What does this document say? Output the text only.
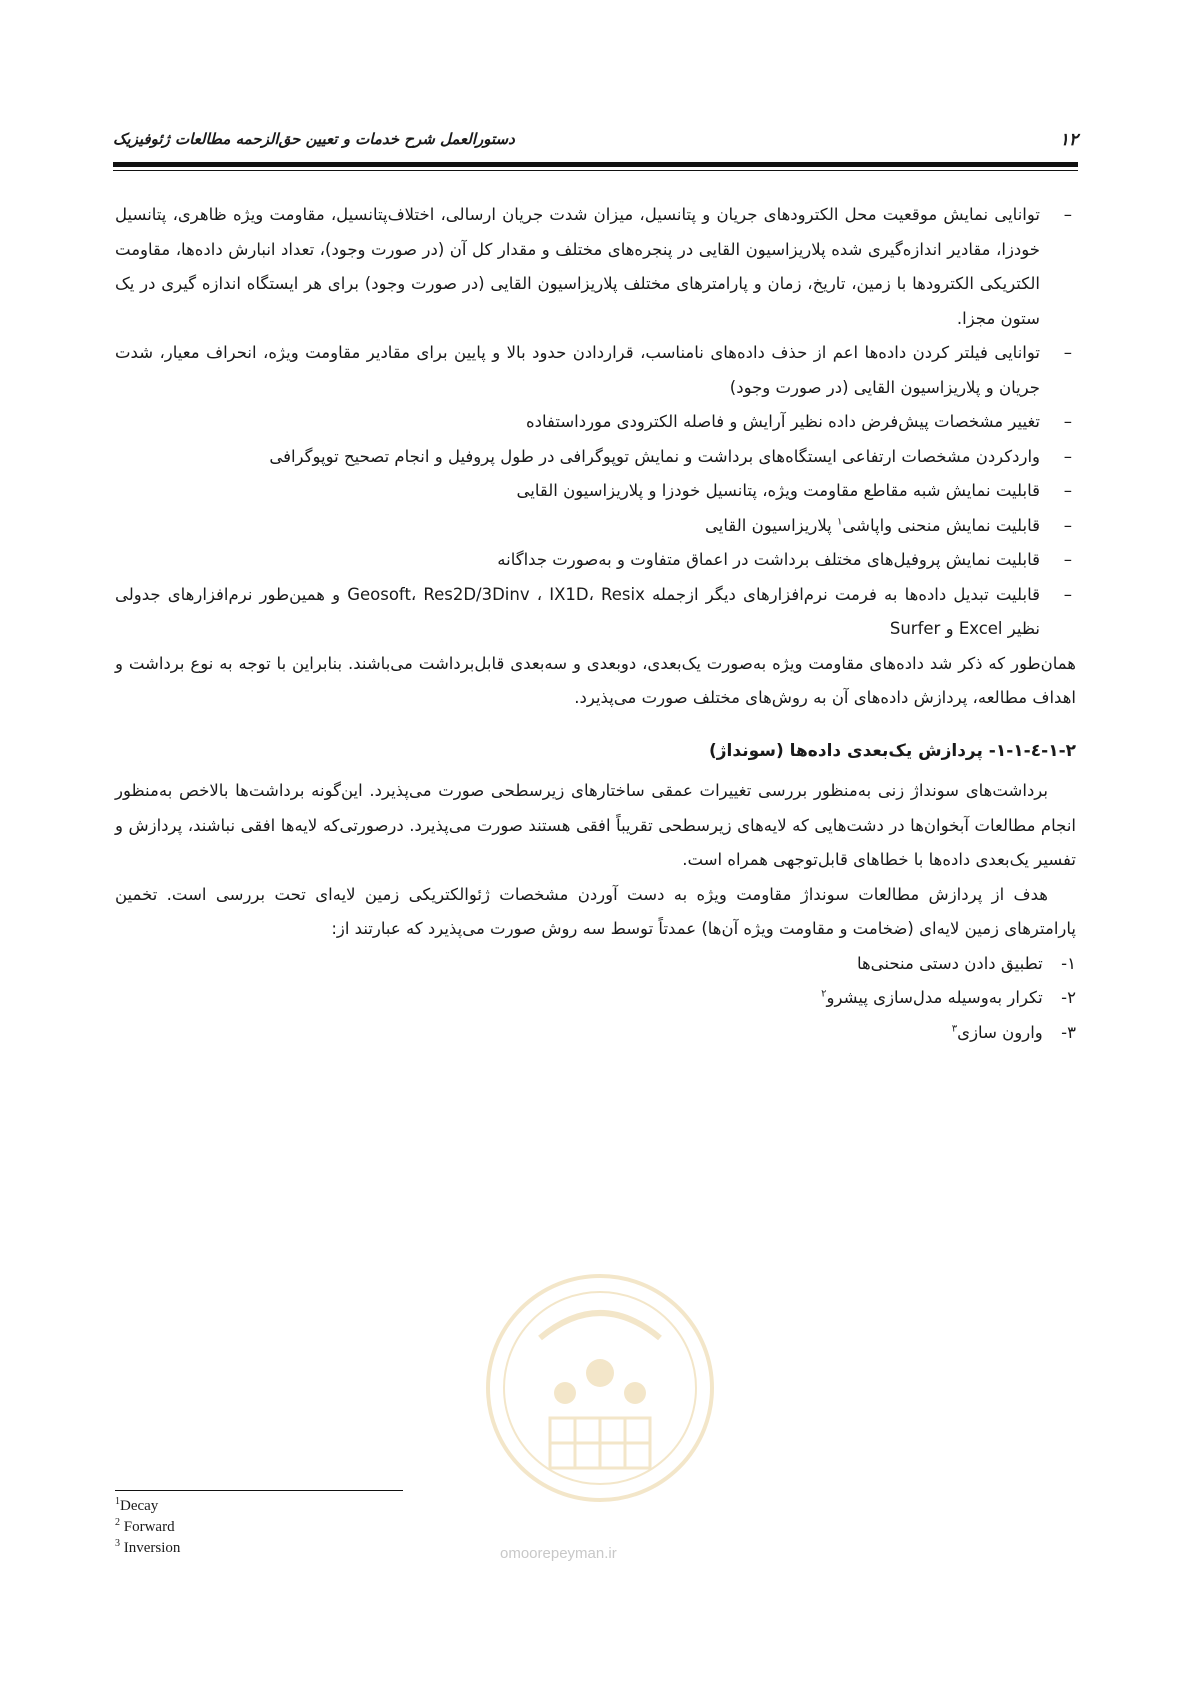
۱۲
دستورالعمل شرح خدمات و تعیین حق‌الزحمه مطالعات ژئوفیزیک
– توانایی نمایش موقعیت محل الکترودهای جریان و پتانسیل، میزان شدت جریان ارسالی، اختلاف‌پتانسیل، مقاومت ویژه ظاهری، پتانسیل خودزا، مقادیر اندازه‌گیری شده پلاریزاسیون القایی در پنجره‌های مختلف و مقدار کل آن (در صورت وجود)، تعداد انبارش داده‌ها، مقاومت الکتریکی الکترودها با زمین، تاریخ، زمان و پارامترهای مختلف پلاریزاسیون القایی (در صورت وجود) برای هر ایستگاه اندازه گیری در یک ستون مجزا.
– توانایی فیلتر کردن داده‌ها اعم از حذف داده‌های نامناسب، قراردادن حدود بالا و پایین برای مقادیر مقاومت ویژه، انحراف معیار، شدت جریان و پلاریزاسیون القایی (در صورت وجود)
– تغییر مشخصات پیش‌فرض داده نظیر آرایش و فاصله الکترودی مورداستفاده
– واردکردن مشخصات ارتفاعی ایستگاه‌های برداشت و نمایش توپوگرافی در طول پروفیل و انجام تصحیح توپوگرافی
– قابلیت نمایش شبه مقاطع مقاومت ویژه، پتانسیل خودزا و پلاریزاسیون القایی
– قابلیت نمایش منحنی واپاشی$^۱$ پلاریزاسیون القایی
– قابلیت نمایش پروفیل‌های مختلف برداشت در اعماق متفاوت و به‌صورت جداگانه
– قابلیت تبدیل داده‌ها به فرمت نرم‌افزارهای دیگر ازجمله Geosoft، Res2D/3Dinv ، IX1D، Resix و همین‌طور نرم‌افزارهای جدولی نظیر Excel و Surfer

همان‌طور که ذکر شد داده‌های مقاومت ویژه به‌صورت یک‌بعدی، دوبعدی و سه‌بعدی قابل‌برداشت می‌باشند. بنابراین با توجه به نوع برداشت و اهداف مطالعه، پردازش داده‌های آن به روش‌های مختلف صورت می‌پذیرد.

۱-۲-٤-۱-۱- پردازش یک‌بعدی داده‌ها (سونداژ)

برداشت‌های سونداژ زنی به‌منظور بررسی تغییرات عمقی ساختارهای زیرسطحی صورت می‌پذیرد. این‌گونه برداشت‌ها بالاخص به‌منظور انجام مطالعات آبخوان‌ها در دشت‌هایی که لایه‌های زیرسطحی تقریباً افقی هستند صورت می‌پذیرد. درصورتی‌که لایه‌ها افقی نباشند، پردازش و تفسیر یک‌بعدی داده‌ها با خطاهای قابل‌توجهی همراه است.

هدف از پردازش مطالعات سونداژ مقاومت ویژه به دست آوردن مشخصات ژئوالکتریکی زمین لایه‌ای تحت بررسی است. تخمین پارامترهای زمین لایه‌ای (ضخامت و مقاومت ویژه آن‌ها) عمدتاً توسط سه روش صورت می‌پذیرد که عبارتند از:

۱- تطبیق دادن دستی منحنی‌ها
۲- تکرار به‌وسیله مدل‌سازی پیشرو$^۲$
۳- وارون سازی$^۳$
omoorepeyman.ir
$^1$Decay
$^2$ Forward
$^3$ Inversion
